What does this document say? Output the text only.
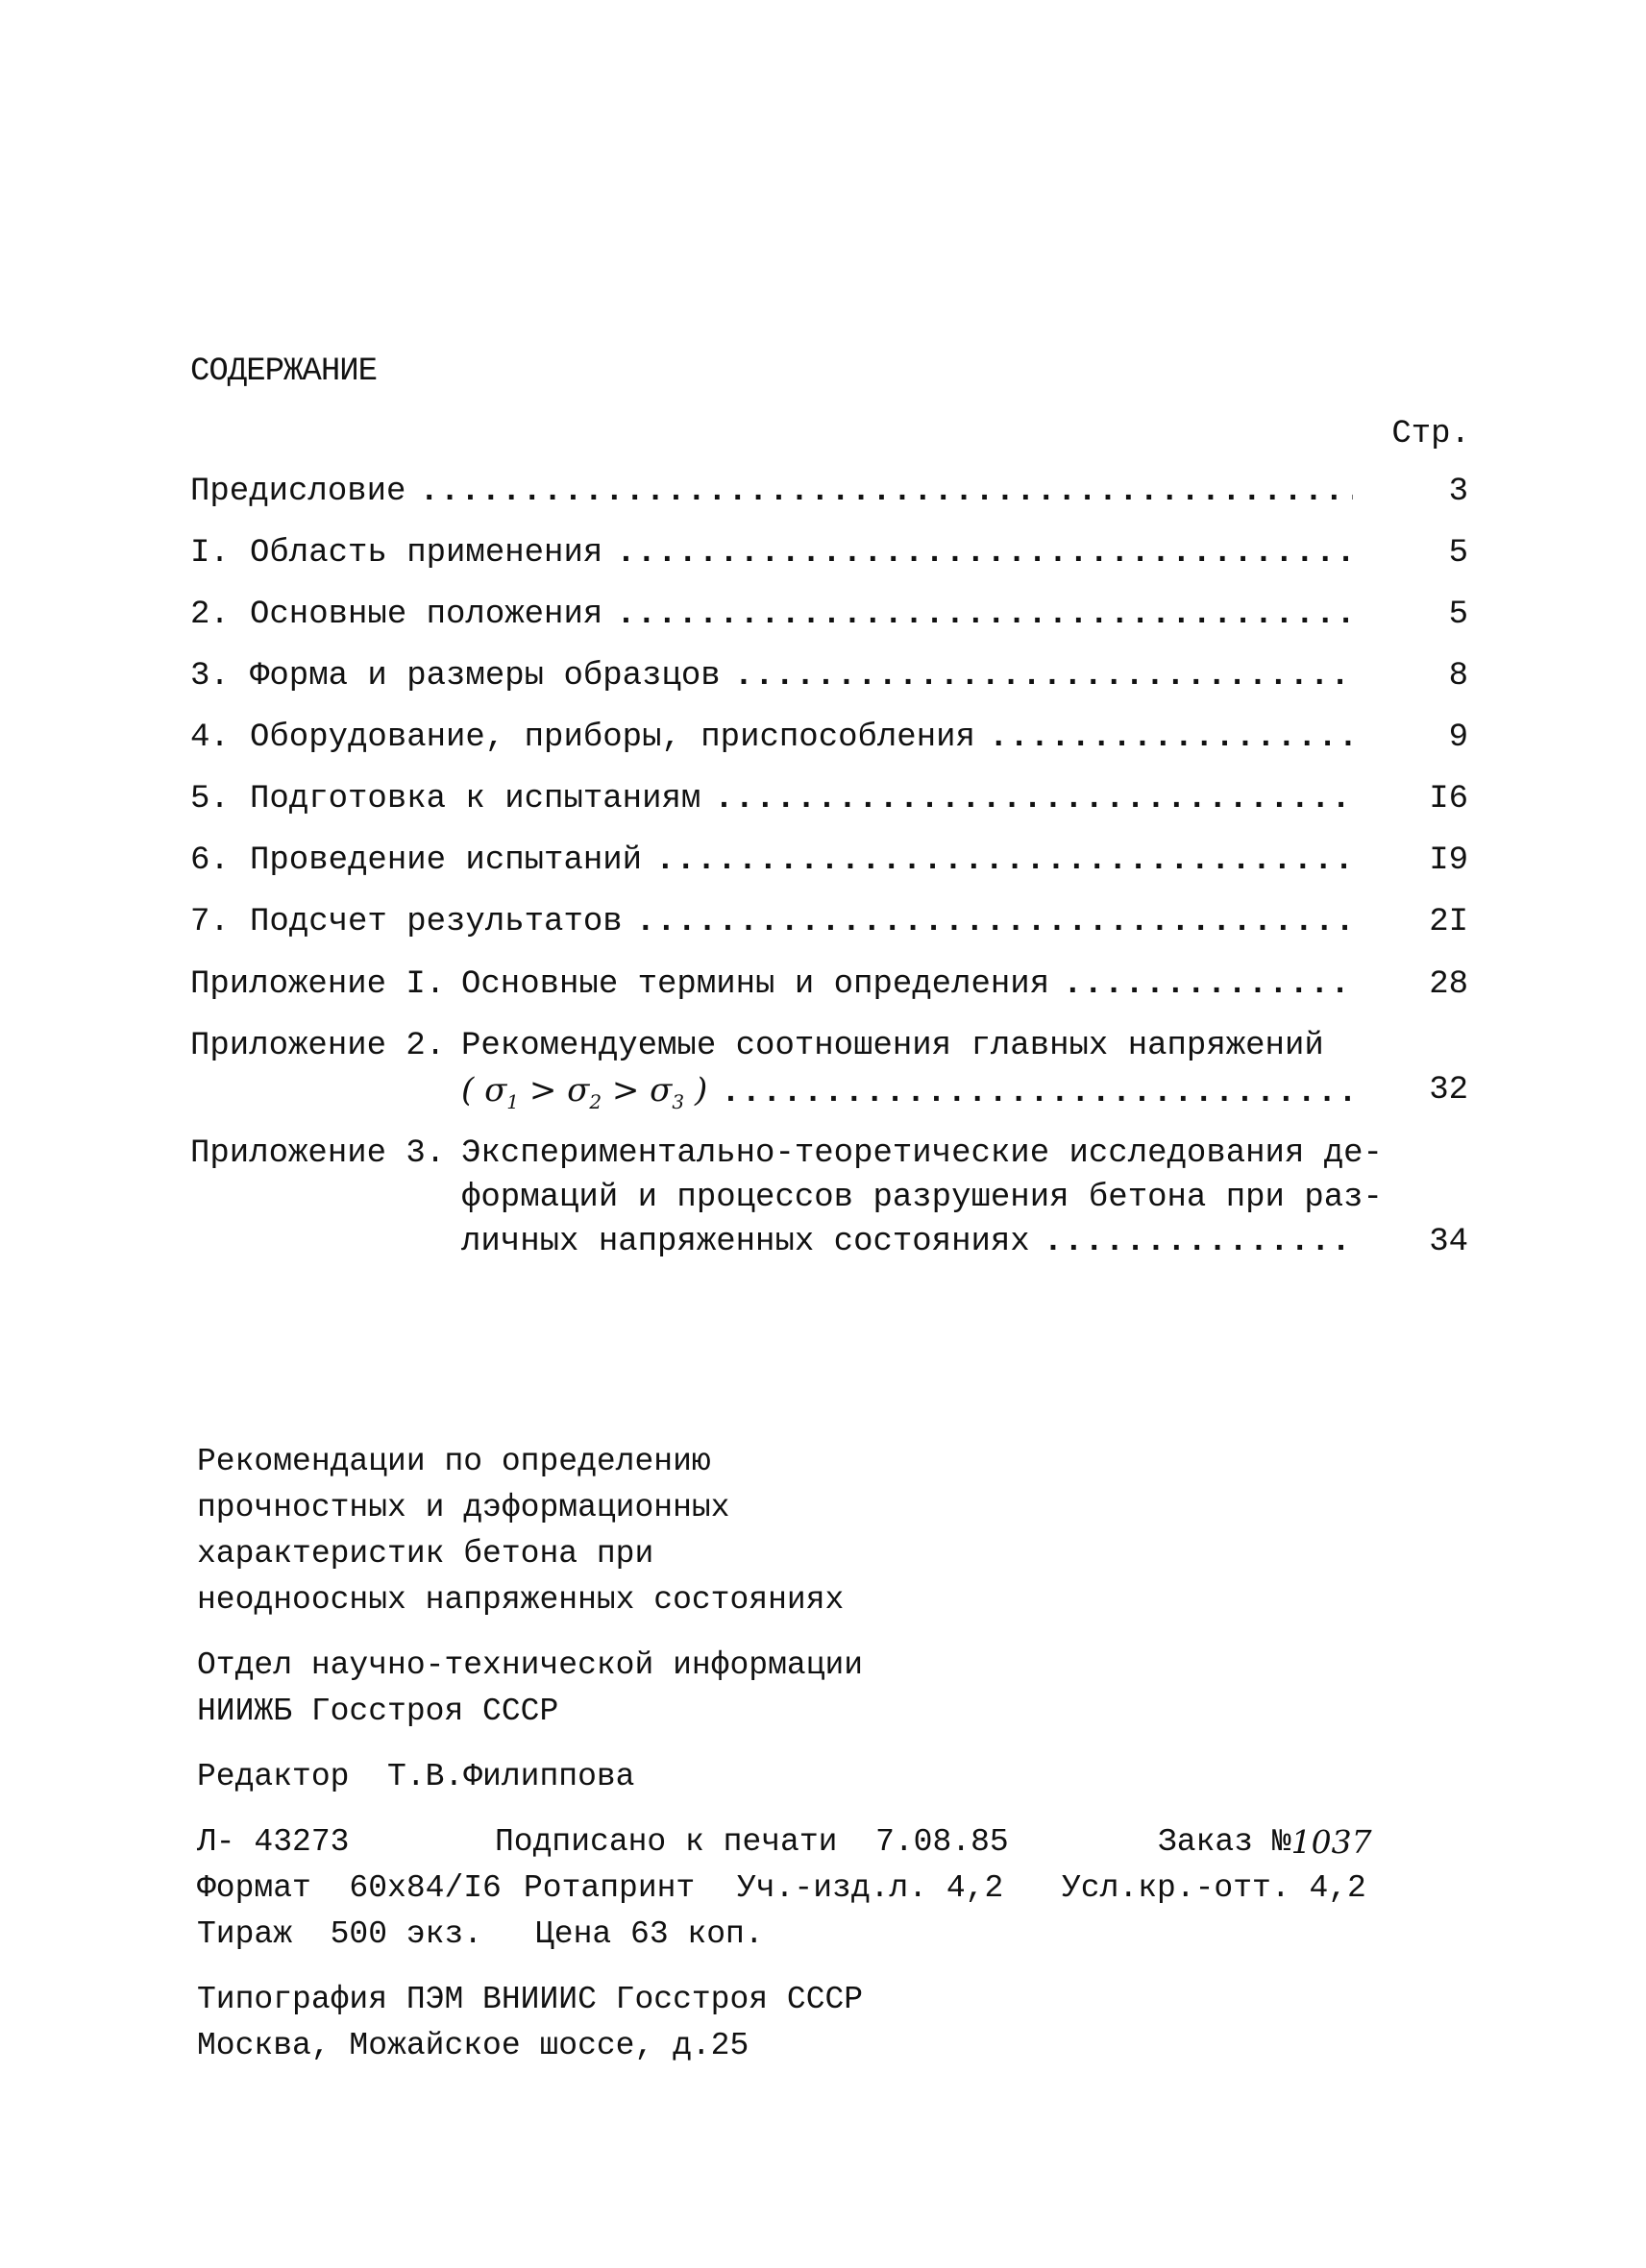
СОДЕРЖАНИЕ
Стр.
Предисловие .....	3
I. Область применения .....	5
2. Основные положения .....	5
3. Форма и размеры образцов .....	8
4. Оборудование, приборы, приспособления .....	9
5. Подготовка к испытаниям .....	I6
6. Проведение испытаний .....	I9
7. Подсчет результатов .....	2I
Приложение I. Основные термины и определения .....	28
Приложение 2. Рекомендуемые соотношения главных напряжений
( $\sigma_1 > \sigma_2 > \sigma_3$ ) .....	32
Приложение 3. Экспериментально-теоретические исследования де-
формаций и процессов разрушения бетона при раз-
личных напряженных состояниях .....	34
Рекомендации по определению
прочностных и дэформационных
характеристик бетона при
неодноосных напряженных состояниях
Отдел научно-технической информации
НИИЖБ Госстроя СССР
Редактор  Т.В.Филиппова
Л- 43273	Подписано к печати  7.08.85	Заказ № 1037
Формат  60х84/I6 Ротапринт	Уч.-изд.л. 4,2	Усл.кр.-отт. 4,2
Тираж  500 экз.	Цена 63 коп.
Типография ПЭМ ВНИИИС Госстроя СССР
Москва, Можайское шоссе, д.25
